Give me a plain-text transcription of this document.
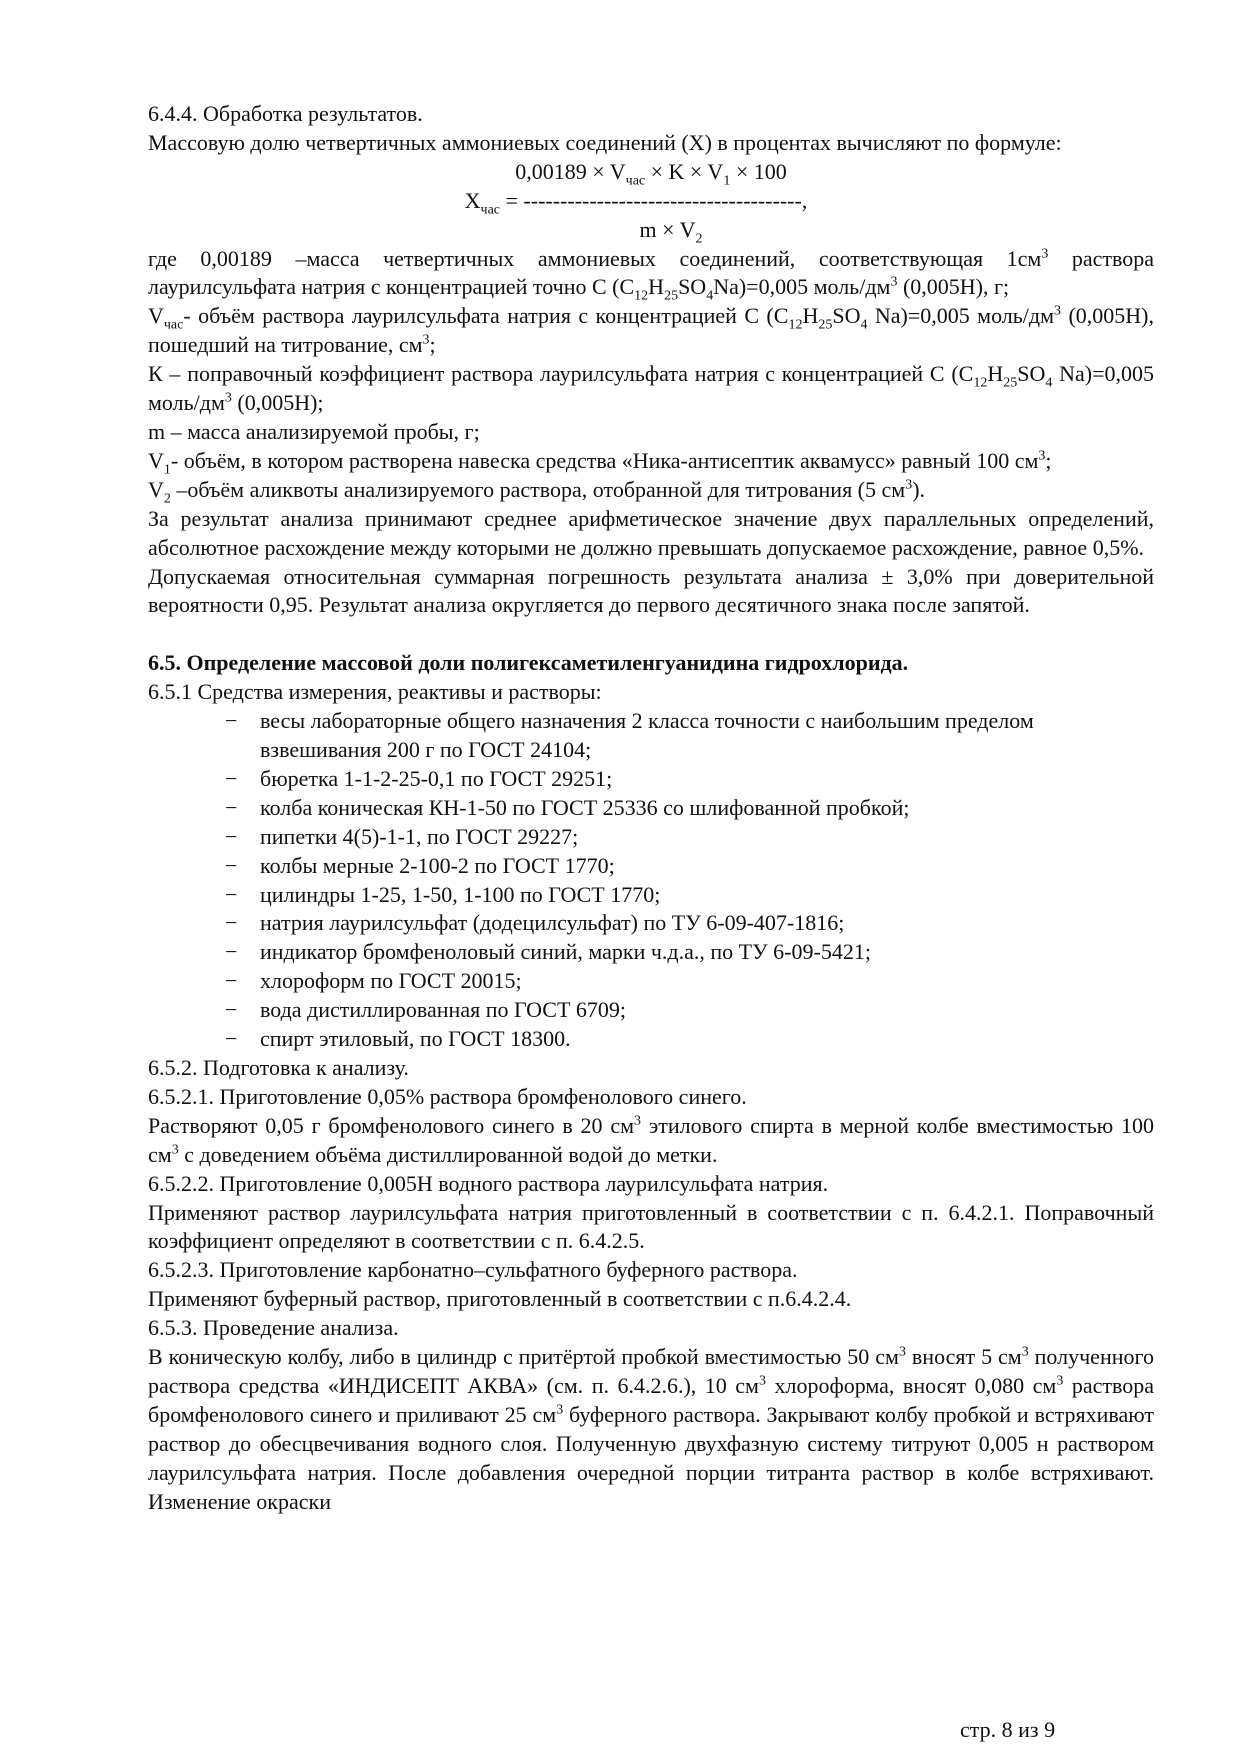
6.4.4. Обработка результатов.

Массовую долю четвертичных аммониевых соединений (Х) в процентах вычисляют по формуле:

$0,00189 \times V_{час} \times K \times V_1 \times 100$
$X_{час}$ = --------------------------------------,
$m \times V_2$

где 0,00189 –масса четвертичных аммониевых соединений, соответствующая $1см^3$ раствора лаурилсульфата натрия с концентрацией точно С $(C_{12}H_{25}SO_4Na)=0,005$ моль/$дм^3$ (0,005Н), г;

$V_{час}-$ объём раствора лаурилсульфата натрия с концентрацией С ($C_{12}H_{25}SO_4$ Na)=0,005 моль/$дм^3$ (0,005Н), пошедший на титрование, $см^3$;

К – поправочный коэффициент раствора лаурилсульфата натрия с концентрацией С ($C_{12}H_{25}SO_4$ Na)=0,005 моль/$дм^3$ (0,005Н);

m – масса анализируемой пробы, г;

$V_1-$ объём, в котором растворена навеска средства «Ника-антисептик аквамусс» равный 100 $см^3$;

$V_2$ –объём аликвоты анализируемого раствора, отобранной для титрования (5 $см^3$).

За результат анализа принимают среднее арифметическое значение двух параллельных определений, абсолютное расхождение между которыми не должно превышать допускаемое расхождение, равное 0,5%.

Допускаемая относительная суммарная погрешность результата анализа ± 3,0% при доверительной вероятности 0,95. Результат анализа округляется до первого десятичного знака после запятой.

6.5. Определение массовой доли полигексаметиленгуанидина гидрохлорида.

6.5.1 Средства измерения, реактивы и растворы:

− весы лабораторные общего назначения 2 класса точности с наибольшим пределом взвешивания 200 г по ГОСТ 24104;
− бюретка 1-1-2-25-0,1 по ГОСТ 29251;
− колба коническая КН-1-50 по ГОСТ 25336 со шлифованной пробкой;
− пипетки 4(5)-1-1, по ГОСТ 29227;
− колбы мерные 2-100-2 по ГОСТ 1770;
− цилиндры 1-25, 1-50, 1-100 по ГОСТ 1770;
− натрия лаурилсульфат (додецилсульфат) по ТУ 6-09-407-1816;
− индикатор бромфеноловый синий, марки ч.д.а., по ТУ 6-09-5421;
− хлороформ по ГОСТ 20015;
− вода дистиллированная по ГОСТ 6709;
− спирт этиловый, по ГОСТ 18300.

6.5.2. Подготовка к анализу.

6.5.2.1. Приготовление 0,05% раствора бромфенолового синего.

Растворяют 0,05 г бромфенолового синего в 20 $см^3$ этилового спирта в мерной колбе вместимостью 100 $см^3$ с доведением объёма дистиллированной водой до метки.

6.5.2.2. Приготовление 0,005Н водного раствора лаурилсульфата натрия.

Применяют раствор лаурилсульфата натрия приготовленный в соответствии с п. 6.4.2.1. Поправочный коэффициент определяют в соответствии с п. 6.4.2.5.

6.5.2.3. Приготовление карбонатно–сульфатного буферного раствора.

Применяют буферный раствор, приготовленный в соответствии с п.6.4.2.4.

6.5.3. Проведение анализа.

В коническую колбу, либо в цилиндр с притёртой пробкой вместимостью 50 $см^3$ вносят 5 $см^3$ полученного раствора средства «ИНДИСЕПТ АКВА» (см. п. 6.4.2.6.), 10 $см^3$ хлороформа, вносят 0,080 $см^3$ раствора бромфенолового синего и приливают 25 $см^3$ буферного раствора. Закрывают колбу пробкой и встряхивают раствор до обесцвечивания водного слоя. Полученную двухфазную систему титруют 0,005 н раствором лаурилсульфата натрия. После добавления очередной порции титранта раствор в колбе встряхивают. Изменение окраски

стр. 8 из 9
